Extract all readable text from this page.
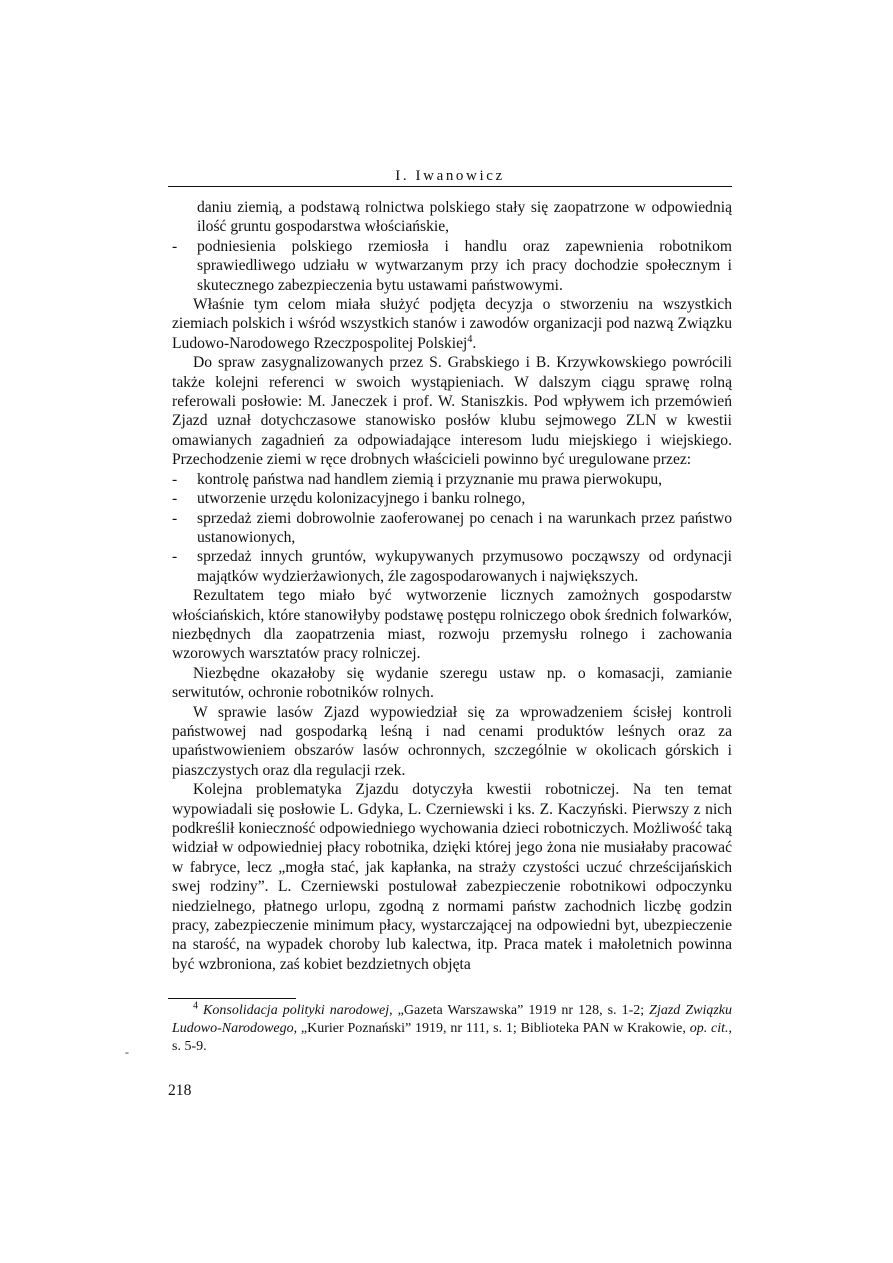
I. Iwanowicz

daniu ziemią, a podstawą rolnictwa polskiego stały się zaopatrzone w odpowiednią ilość gruntu gospodarstwa włościańskie,

- podniesienia polskiego rzemiosła i handlu oraz zapewnienia robotnikom sprawiedliwego udziału w wytwarzanym przy ich pracy dochodzie społecznym i skutecznego zabezpieczenia bytu ustawami państwowymi.

Właśnie tym celom miała służyć podjęta decyzja o stworzeniu na wszystkich ziemiach polskich i wśród wszystkich stanów i zawodów organizacji pod nazwą Związku Ludowo-Narodowego Rzeczpospolitej Polskiej$^4$.

Do spraw zasygnalizowanych przez S. Grabskiego i B. Krzywkowskiego powrócili także kolejni referenci w swoich wystąpieniach. W dalszym ciągu sprawę rolną referowali posłowie: M. Janeczek i prof. W. Staniszkis. Pod wpływem ich przemówień Zjazd uznał dotychczasowe stanowisko posłów klubu sejmowego ZLN w kwestii omawianych zagadnień za odpowiadające interesom ludu miejskiego i wiejskiego. Przechodzenie ziemi w ręce drobnych właścicieli powinno być uregulowane przez:

- kontrolę państwa nad handlem ziemią i przyznanie mu prawa pierwokupu,
- utworzenie urzędu kolonizacyjnego i banku rolnego,
- sprzedaż ziemi dobrowolnie zaoferowanej po cenach i na warunkach przez państwo ustanowionych,
- sprzedaż innych gruntów, wykupywanych przymusowo począwszy od ordynacji majątków wydzierżawionych, źle zagospodarowanych i największych.

Rezultatem tego miało być wytworzenie licznych zamożnych gospodarstw włościańskich, które stanowiłyby podstawę postępu rolniczego obok średnich folwarków, niezbędnych dla zaopatrzenia miast, rozwoju przemysłu rolnego i zachowania wzorowych warsztatów pracy rolniczej.

Niezbędne okazałoby się wydanie szeregu ustaw np. o komasacji, zamianie serwitutów, ochronie robotników rolnych.

W sprawie lasów Zjazd wypowiedział się za wprowadzeniem ścisłej kontroli państwowej nad gospodarką leśną i nad cenami produktów leśnych oraz za upaństwowieniem obszarów lasów ochronnych, szczególnie w okolicach górskich i piaszczystych oraz dla regulacji rzek.

Kolejna problematyka Zjazdu dotyczyła kwestii robotniczej. Na ten temat wypowiadali się posłowie L. Gdyka, L. Czerniewski i ks. Z. Kaczyński. Pierwszy z nich podkreślił konieczność odpowiedniego wychowania dzieci robotniczych. Możliwość taką widział w odpowiedniej płacy robotnika, dzięki której jego żona nie musiałaby pracować w fabryce, lecz „mogła stać, jak kapłanka, na straży czystości uczuć chrześcijańskich swej rodziny”. L. Czerniewski postulował zabezpieczenie robotnikowi odpoczynku niedzielnego, płatnego urlopu, zgodną z normami państw zachodnich liczbę godzin pracy, zabezpieczenie minimum płacy, wystarczającej na odpowiedni byt, ubezpieczenie na starość, na wypadek choroby lub kalectwa, itp. Praca matek i małoletnich powinna być wzbroniona, zaś kobiet bezdzietnych objęta

$^4$ Konsolidacja polityki narodowej, „Gazeta Warszawska” 1919 nr 128, s. 1-2; Zjazd Związku Ludowo-Narodowego, „Kurier Poznański” 1919, nr 111, s. 1; Biblioteka PAN w Krakowie, op. cit., s. 5-9.

-
218
